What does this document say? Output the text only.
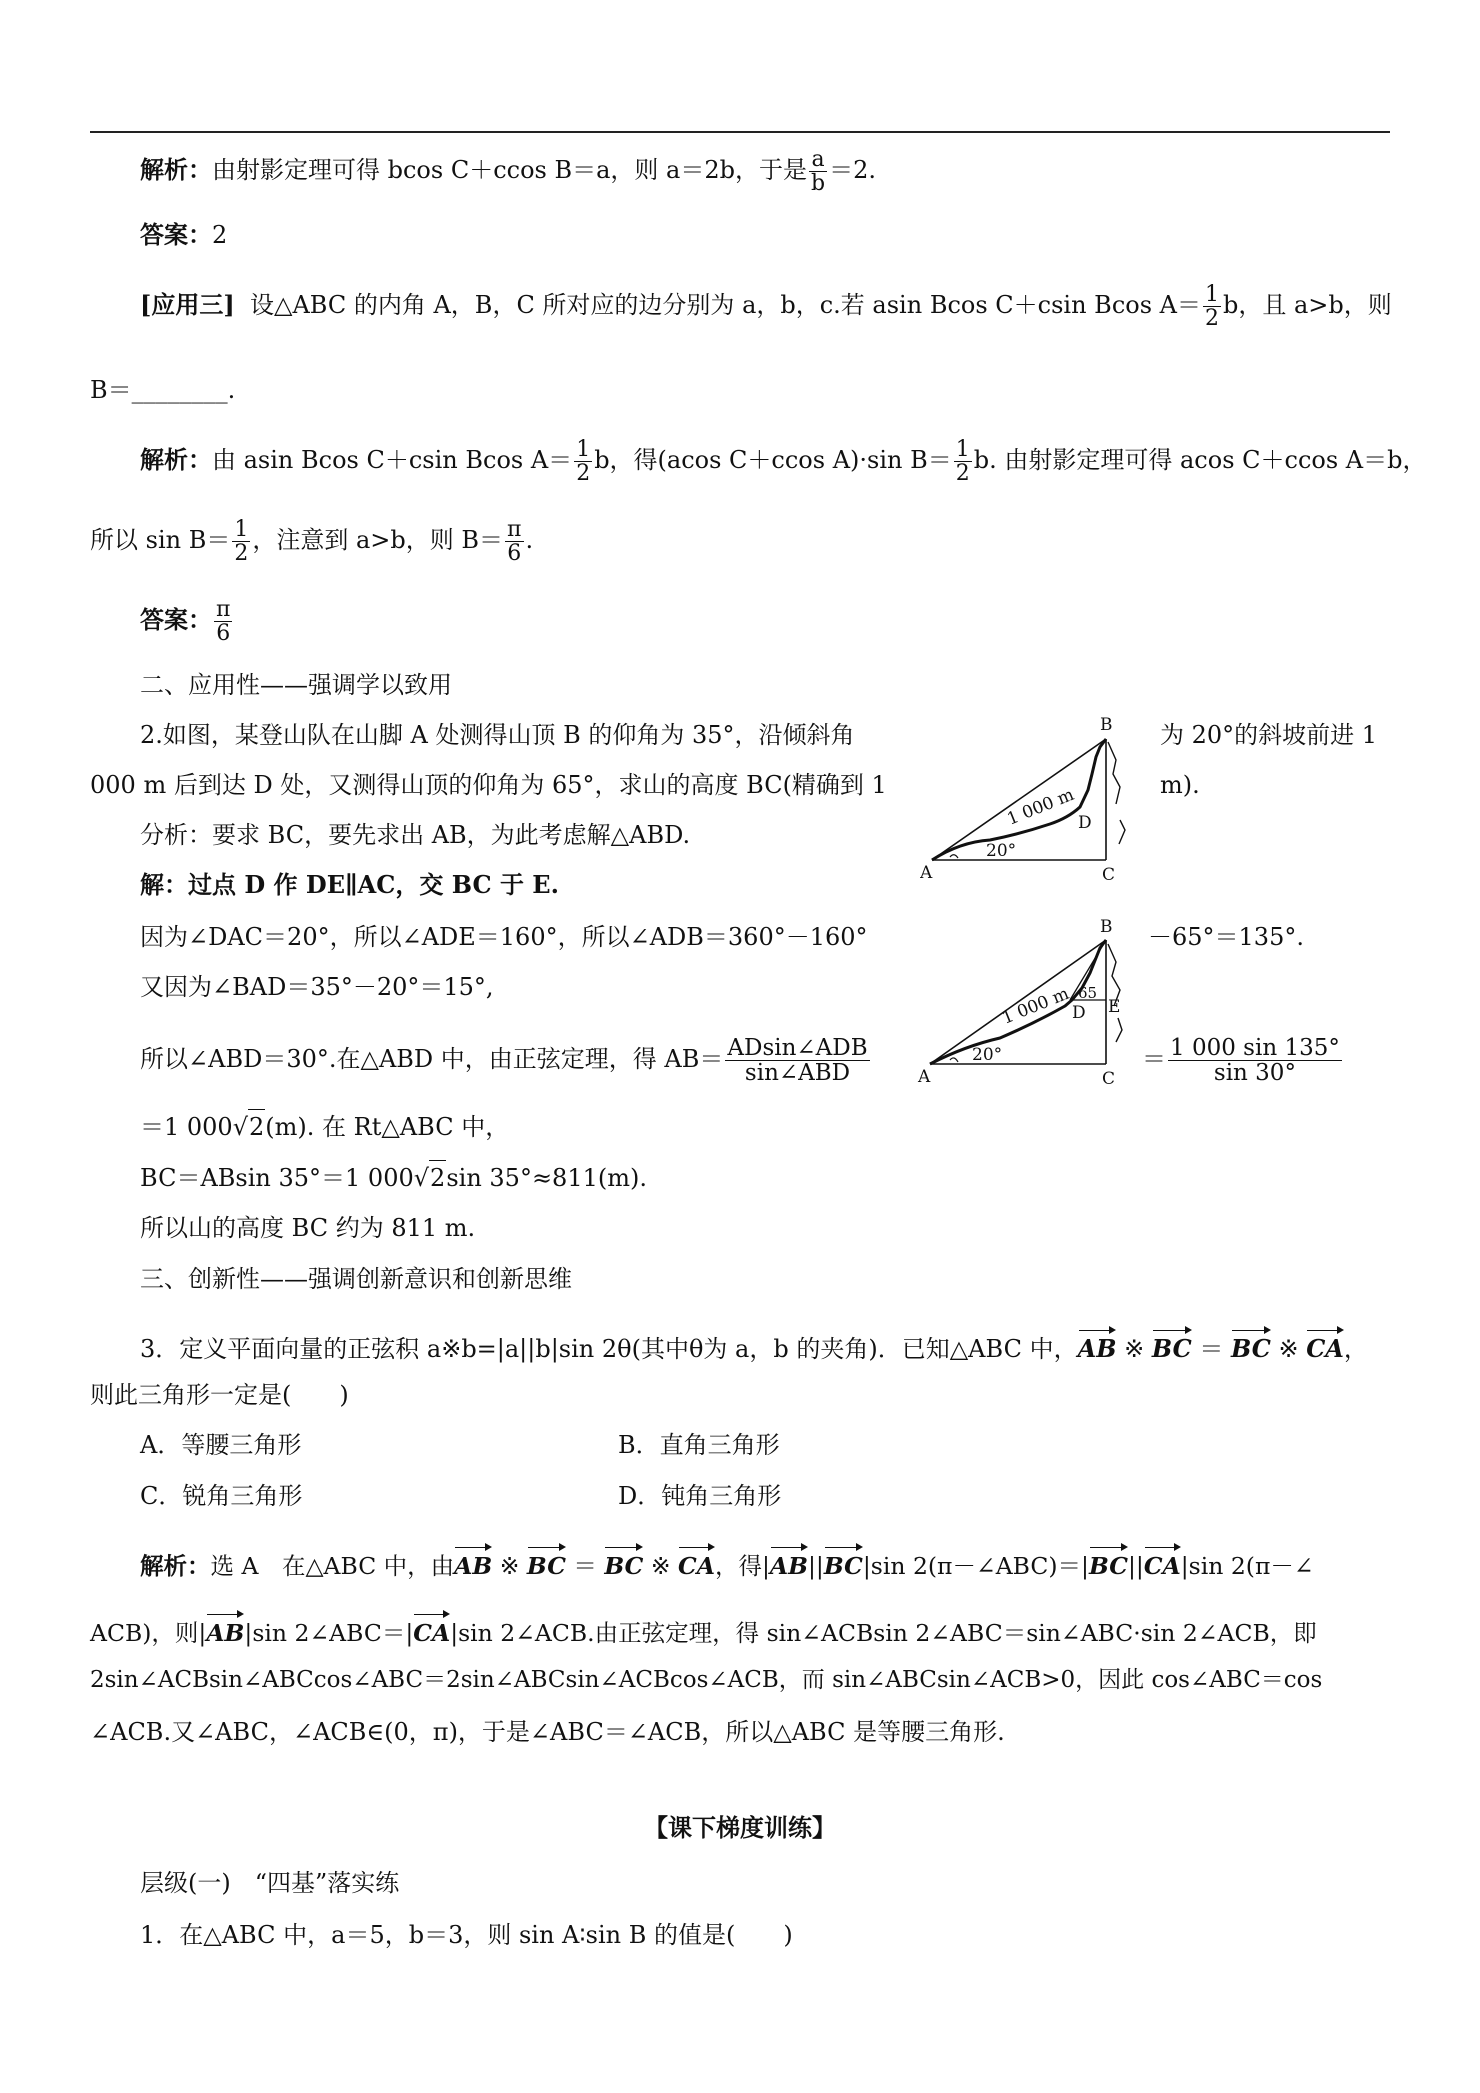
解析：由射影定理可得 bcos C＋ccos B＝a，则 a＝2b，于是 $\frac{a}{b} =2$.
答案：2
[应用三] 设△ABC 的内角 A，B，C 所对应的边分别为 a，b，c.若 asin Bcos C＋csin Bcos $A= \frac{1}{2}$ b，且 a>b，则
B＝________.
解析：由 asin Bcos C＋csin Bcos $A= \frac{1}{2}$ b，得(acos C＋ccos A)·sin $B= \frac{1}{2} b$. 由射影定理可得 acos C＋ccos A＝b，
所以 $\sin B= \frac{1}{2}$ ，注意到 a>b，则 $B= \frac{\pi}{6}$ .
答案： $\frac{\pi}{6}$
二、应用性——强调学以致用
2.如图，某登山队在山脚 A 处测得山顶 B 的仰角为 35°，沿倾斜角	为 20°的斜坡前进 1
000 m 后到达 D 处，又测得山顶的仰角为 65°，求山的高度 BC(精确到 1	m).
分析：要求 BC，要先求出 AB，为此考虑解△ABD.
解：过点 D 作 DE∥AC，交 BC 于 E.
因为∠DAC＝20°，所以∠ADE＝160°，所以∠ADB＝360°－160°	－65°＝135°.
又因为∠BAD＝35°－20°＝15°,
所以∠ABD＝30°.在△ABD 中，由正弦定理，得 $AB= \frac{\text{ADsin∠ADB}}{\text{sin∠ABD}}$	＝ $\frac{1 000 \sin 135^\circ}{\sin 30^\circ}$
＝1 000√2(m). 在 Rt△ABC 中，
BC＝ABsin 35°＝1 000√2sin 35°≈811(m).
所以山的高度 BC 约为 811 m.
B
D
A	C
1 000 m
20°
B
D E
A	C
65
1 000 m
20°
三、创新性——强调创新意识和创新思维
3．定义平面向量的正弦积 a※b=|a||b|sin 2θ(其中θ为 a，b 的夹角)．已知△ABC 中，AB ※ BC ＝ BC ※ CA，
则此三角形一定是(　　)
A．等腰三角形	B．直角三角形
C．锐角三角形	D．钝角三角形
解析：选 A　在△ABC 中，由AB ※ BC ＝ BC ※ CA，得|AB||BC|sin 2(π－∠ABC)＝|BC||CA|sin 2(π－∠
ACB)，则|AB|sin 2∠ABC＝|CA|sin 2∠ACB.由正弦定理，得 sin∠ACBsin 2∠ABC＝sin∠ABC·sin 2∠ACB，即
2sin∠ACBsin∠ABCcos∠ABC＝2sin∠ABCsin∠ACBcos∠ACB，而 sin∠ABCsin∠ACB>0，因此 cos∠ABC＝cos
∠ACB.又∠ABC，∠ACB∈(0，π)，于是∠ABC＝∠ACB，所以△ABC 是等腰三角形.
【课下梯度训练】
层级(一)　“四基”落实练
1．在△ABC 中，a＝5，b＝3，则 sin A∶sin B 的值是(　　)
